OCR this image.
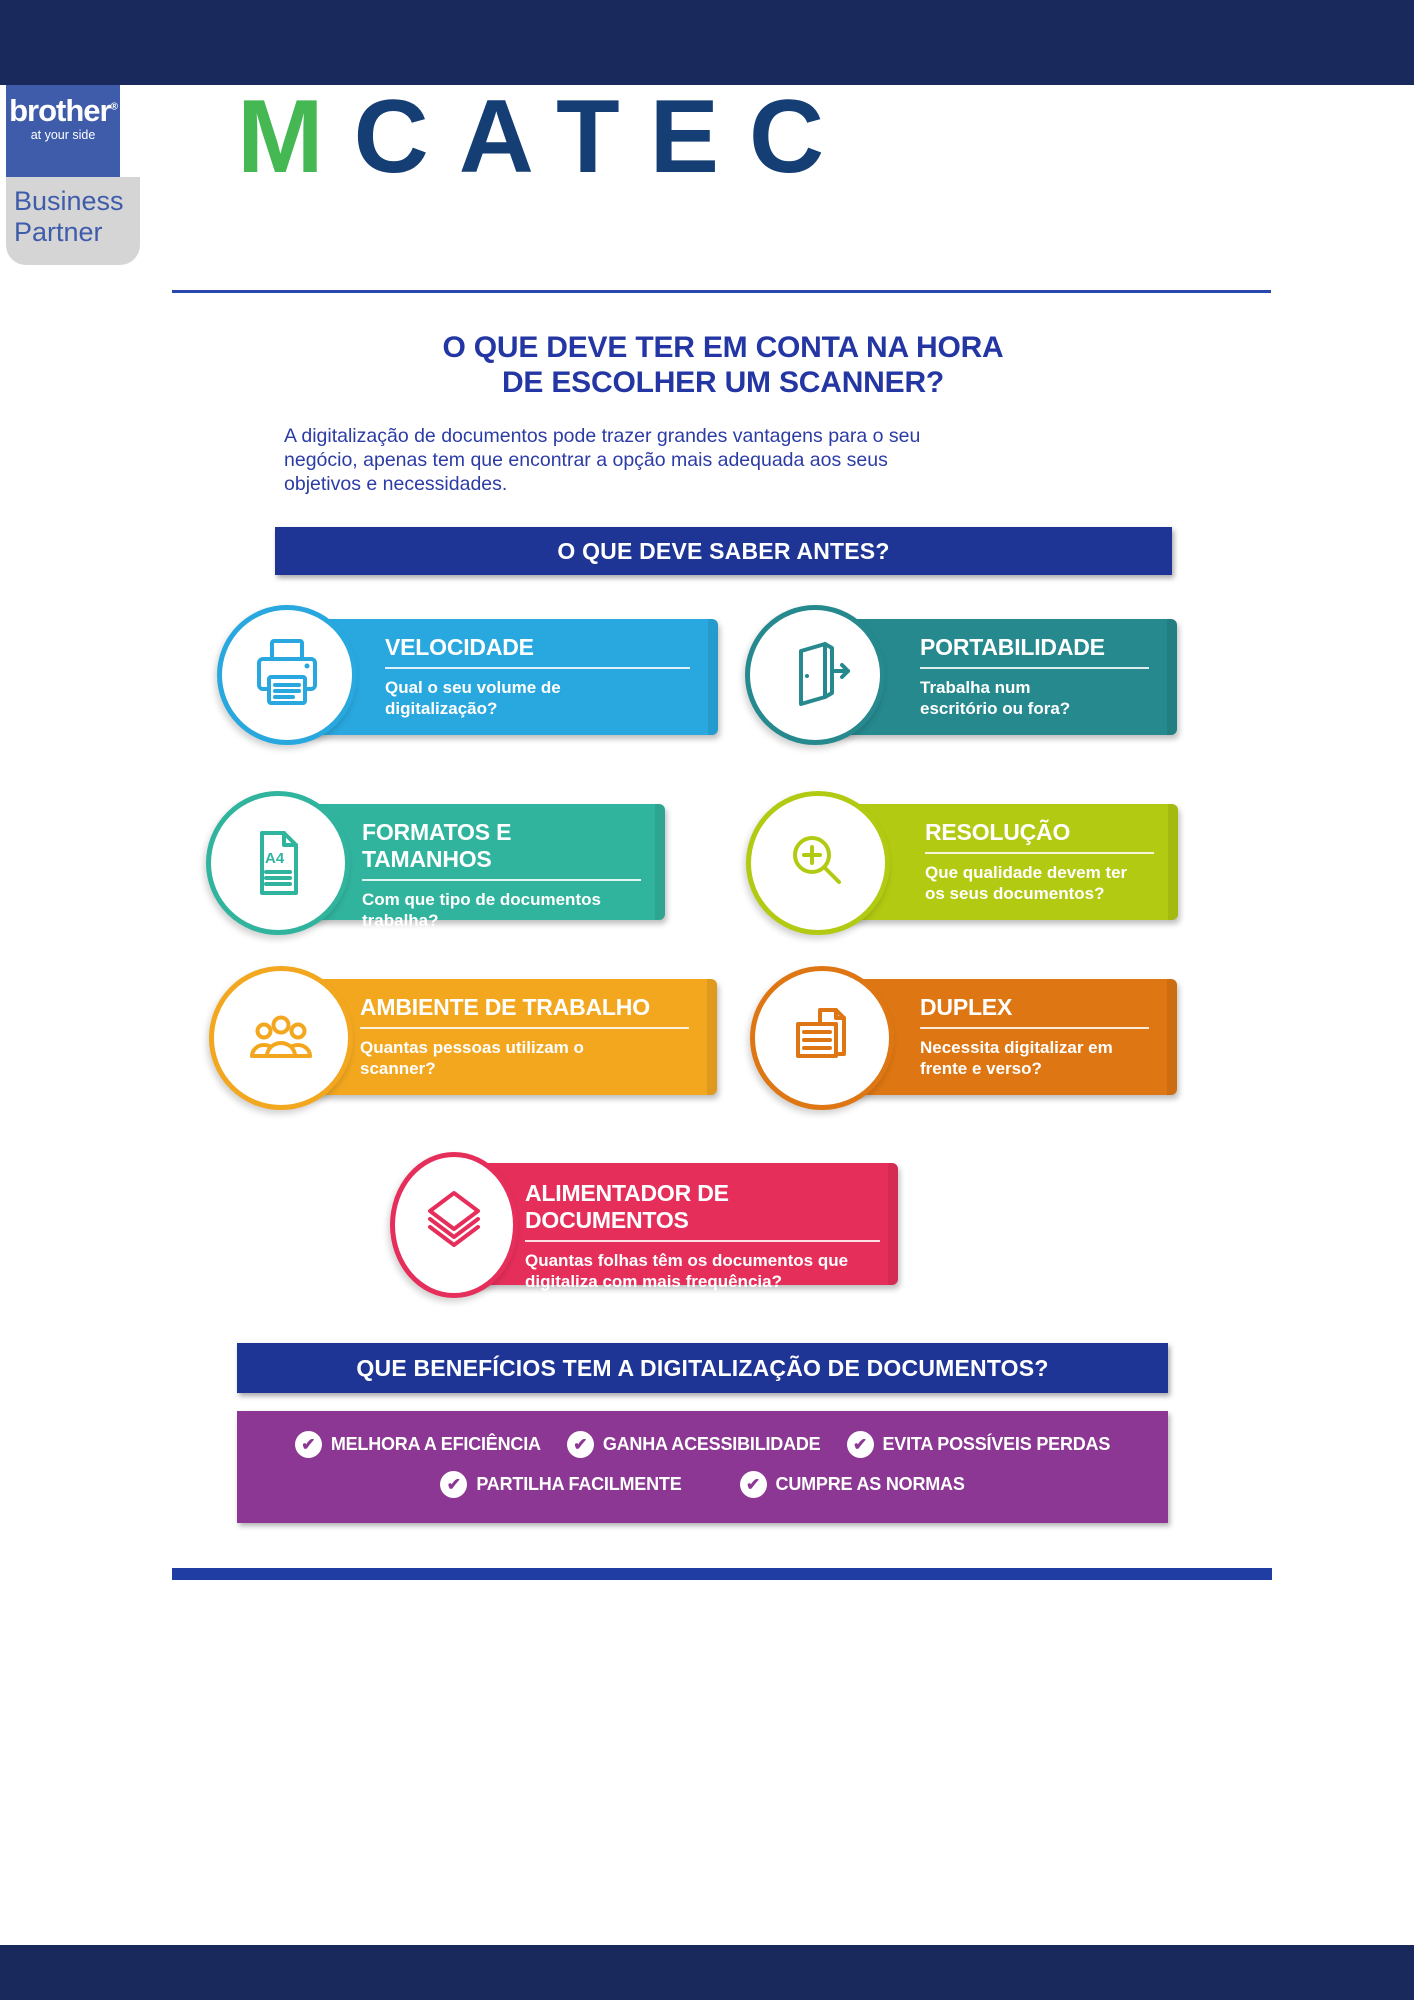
brother®
at your side
Business
Partner
MCATEC
O QUE DEVE TER EM CONTA NA HORA
DE ESCOLHER UM SCANNER?

A digitalização de documentos pode trazer grandes vantagens para o seu negócio, apenas tem que encontrar a opção mais adequada aos seus objetivos e necessidades.

O QUE DEVE SABER ANTES?
VELOCIDADE
Qual o seu volume de digitalização?
PORTABILIDADE
Trabalha num escritório ou fora?
FORMATOS E TAMANHOS
Com que tipo de documentos trabalha?
A4
RESOLUÇÃO
Que qualidade devem ter os seus documentos?
AMBIENTE DE TRABALHO
Quantas pessoas utilizam o scanner?
DUPLEX
Necessita digitalizar em frente e verso?
ALIMENTADOR DE DOCUMENTOS
Quantas folhas têm os documentos que digitaliza com mais frequência?
QUE BENEFÍCIOS TEM A DIGITALIZAÇÃO DE DOCUMENTOS?
✔ MELHORA A EFICIÊNCIA	✔ GANHA ACESSIBILIDADE	✔ EVITA POSSÍVEIS PERDAS
✔ PARTILHA FACILMENTE	✔ CUMPRE AS NORMAS
